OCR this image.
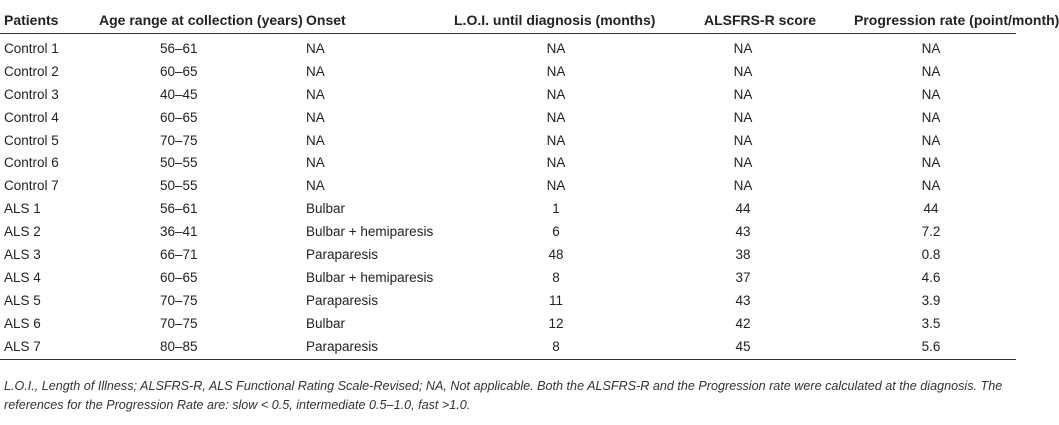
Patients	Age range at collection (years)	Onset	L.O.I. until diagnosis (months)	ALSFRS-R score	Progression rate (point/month)
Control 1	56–61	NA	NA	NA	NA
Control 2	60–65	NA	NA	NA	NA
Control 3	40–45	NA	NA	NA	NA
Control 4	60–65	NA	NA	NA	NA
Control 5	70–75	NA	NA	NA	NA
Control 6	50–55	NA	NA	NA	NA
Control 7	50–55	NA	NA	NA	NA
ALS 1	56–61	Bulbar	1	44	44
ALS 2	36–41	Bulbar + hemiparesis	6	43	7.2
ALS 3	66–71	Paraparesis	48	38	0.8
ALS 4	60–65	Bulbar + hemiparesis	8	37	4.6
ALS 5	70–75	Paraparesis	11	43	3.9
ALS 6	70–75	Bulbar	12	42	3.5
ALS 7	80–85	Paraparesis	8	45	5.6

L.O.I., Length of Illness; ALSFRS-R, ALS Functional Rating Scale-Revised; NA, Not applicable. Both the ALSFRS-R and the Progression rate were calculated at the diagnosis. The references for the Progression Rate are: slow < 0.5, intermediate 0.5–1.0, fast >1.0.
